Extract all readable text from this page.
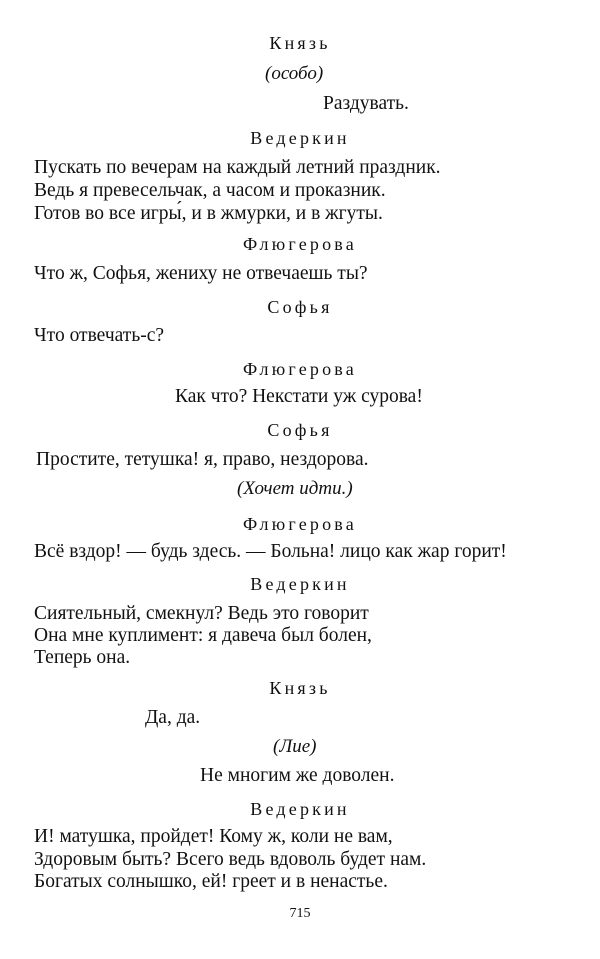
Князь
(особо)
Раздувать.
Ведеркин
Пускать по вечерам на каждый летний праздник.
Ведь я превесельчак, а часом и проказник.
Готов во все игры́, и в жмурки, и в жгуты.
Флюгерова
Что ж, Софья, жениху не отвечаешь ты?
Софья
Что отвечать-с?
Флюгерова
Как что? Некстати уж сурова!
Софья
Простите, тетушка! я, право, нездорова.
(Хочет идти.)
Флюгерова
Всё вздор! — будь здесь. — Больна! лицо как жар горит!
Ведеркин
Сиятельный, смекнул? Ведь это говорит
Она мне куплимент: я давеча был болен,
Теперь она.
Князь
Да, да.
(Лие)
Не многим же доволен.
Ведеркин
И! матушка, пройдет! Кому ж, коли не вам,
Здоровым быть? Всего ведь вдоволь будет нам.
Богатых солнышко, ей! греет и в ненастье.
715
